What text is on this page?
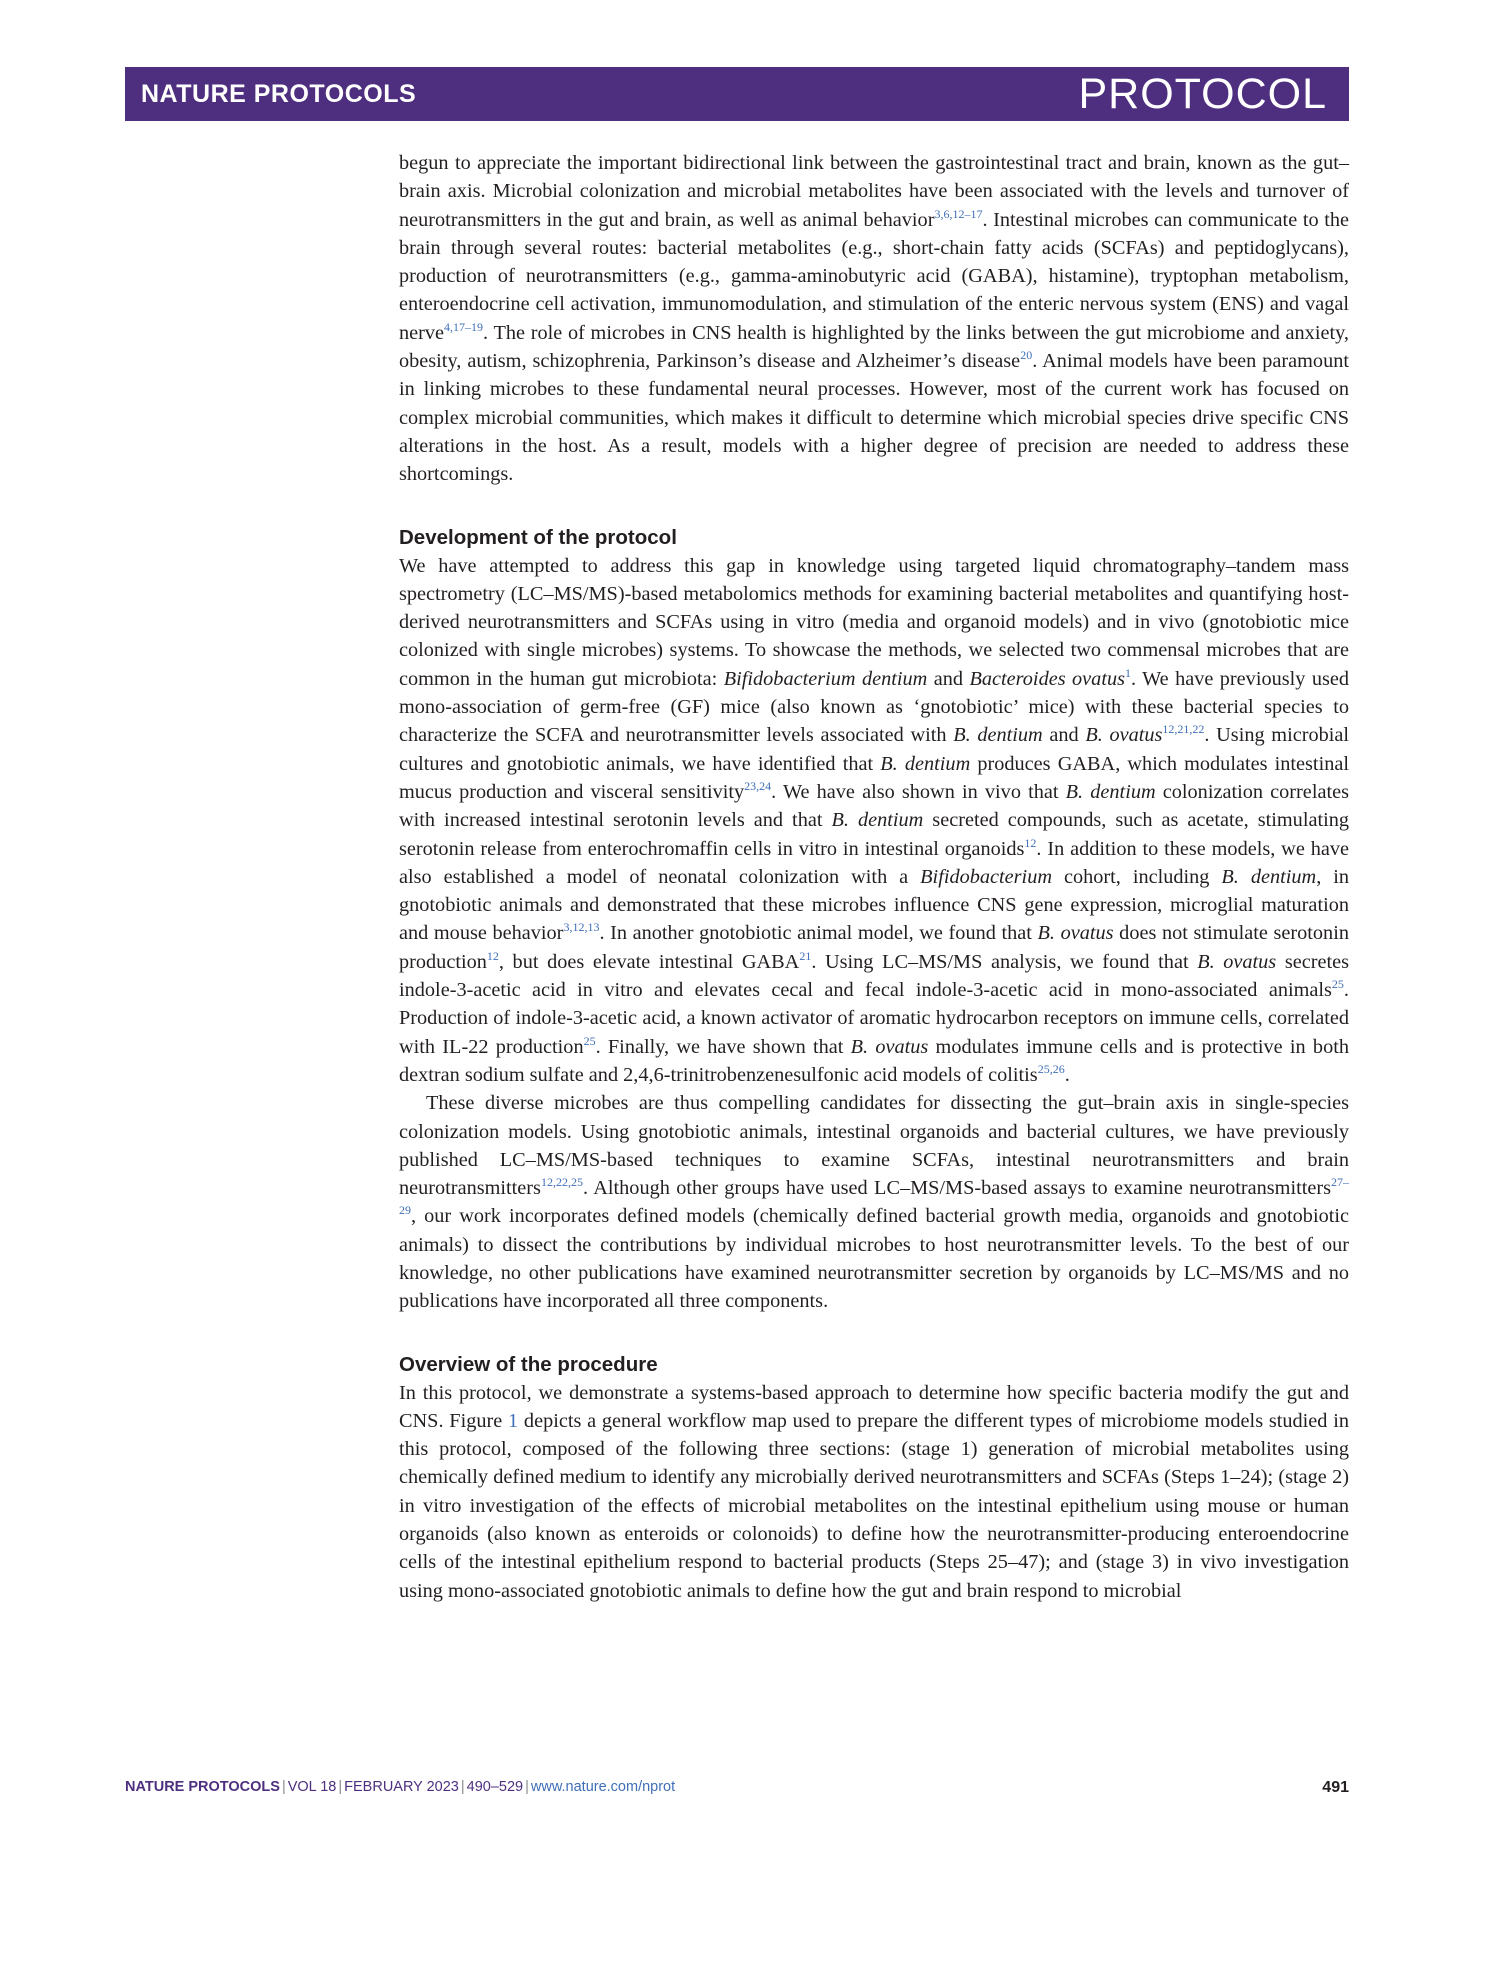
NATURE PROTOCOLS	PROTOCOL

begun to appreciate the important bidirectional link between the gastrointestinal tract and brain, known as the gut–brain axis. Microbial colonization and microbial metabolites have been associated with the levels and turnover of neurotransmitters in the gut and brain, as well as animal behavior$^{3,6,12-17}$. Intestinal microbes can communicate to the brain through several routes: bacterial metabolites (e.g., short-chain fatty acids (SCFAs) and peptidoglycans), production of neurotransmitters (e.g., gamma-aminobutyric acid (GABA), histamine), tryptophan metabolism, enteroendocrine cell activation, immunomodulation, and stimulation of the enteric nervous system (ENS) and vagal nerve$^{4,17-19}$. The role of microbes in CNS health is highlighted by the links between the gut microbiome and anxiety, obesity, autism, schizophrenia, Parkinson’s disease and Alzheimer’s disease$^{20}$. Animal models have been paramount in linking microbes to these fundamental neural processes. However, most of the current work has focused on complex microbial communities, which makes it difficult to determine which microbial species drive specific CNS alterations in the host. As a result, models with a higher degree of precision are needed to address these shortcomings.

Development of the protocol

We have attempted to address this gap in knowledge using targeted liquid chromatography–tandem mass spectrometry (LC–MS/MS)-based metabolomics methods for examining bacterial metabolites and quantifying host-derived neurotransmitters and SCFAs using in vitro (media and organoid models) and in vivo (gnotobiotic mice colonized with single microbes) systems. To showcase the methods, we selected two commensal microbes that are common in the human gut microbiota: Bifidobacterium dentium and Bacteroides ovatus$^1$. We have previously used mono-association of germ-free (GF) mice (also known as ‘gnotobiotic’ mice) with these bacterial species to characterize the SCFA and neurotransmitter levels associated with B. dentium and B. ovatus$^{12,21,22}$. Using microbial cultures and gnotobiotic animals, we have identified that B. dentium produces GABA, which modulates intestinal mucus production and visceral sensitivity$^{23,24}$. We have also shown in vivo that B. dentium colonization correlates with increased intestinal serotonin levels and that B. dentium secreted compounds, such as acetate, stimulating serotonin release from enterochromaffin cells in vitro in intestinal organoids$^{12}$. In addition to these models, we have also established a model of neonatal colonization with a Bifidobacterium cohort, including B. dentium, in gnotobiotic animals and demonstrated that these microbes influence CNS gene expression, microglial maturation and mouse behavior$^{3,12,13}$. In another gnotobiotic animal model, we found that B. ovatus does not stimulate serotonin production$^{12}$, but does elevate intestinal GABA$^{21}$. Using LC–MS/MS analysis, we found that B. ovatus secretes indole-3-acetic acid in vitro and elevates cecal and fecal indole-3-acetic acid in mono-associated animals$^{25}$. Production of indole-3-acetic acid, a known activator of aromatic hydrocarbon receptors on immune cells, correlated with IL-22 production$^{25}$. Finally, we have shown that B. ovatus modulates immune cells and is protective in both dextran sodium sulfate and 2,4,6-trinitrobenzenesulfonic acid models of colitis$^{25,26}$.

These diverse microbes are thus compelling candidates for dissecting the gut–brain axis in single-species colonization models. Using gnotobiotic animals, intestinal organoids and bacterial cultures, we have previously published LC–MS/MS-based techniques to examine SCFAs, intestinal neurotransmitters and brain neurotransmitters$^{12,22,25}$. Although other groups have used LC–MS/MS-based assays to examine neurotransmitters$^{27-29}$, our work incorporates defined models (chemically defined bacterial growth media, organoids and gnotobiotic animals) to dissect the contributions by individual microbes to host neurotransmitter levels. To the best of our knowledge, no other publications have examined neurotransmitter secretion by organoids by LC–MS/MS and no publications have incorporated all three components.

Overview of the procedure

In this protocol, we demonstrate a systems-based approach to determine how specific bacteria modify the gut and CNS. Figure 1 depicts a general workflow map used to prepare the different types of microbiome models studied in this protocol, composed of the following three sections: (stage 1) generation of microbial metabolites using chemically defined medium to identify any microbially derived neurotransmitters and SCFAs (Steps 1–24); (stage 2) in vitro investigation of the effects of microbial metabolites on the intestinal epithelium using mouse or human organoids (also known as enteroids or colonoids) to define how the neurotransmitter-producing enteroendocrine cells of the intestinal epithelium respond to bacterial products (Steps 25–47); and (stage 3) in vivo investigation using mono-associated gnotobiotic animals to define how the gut and brain respond to microbial

NATURE PROTOCOLS | VOL 18 | FEBRUARY 2023 | 490–529 | www.nature.com/nprot	491
